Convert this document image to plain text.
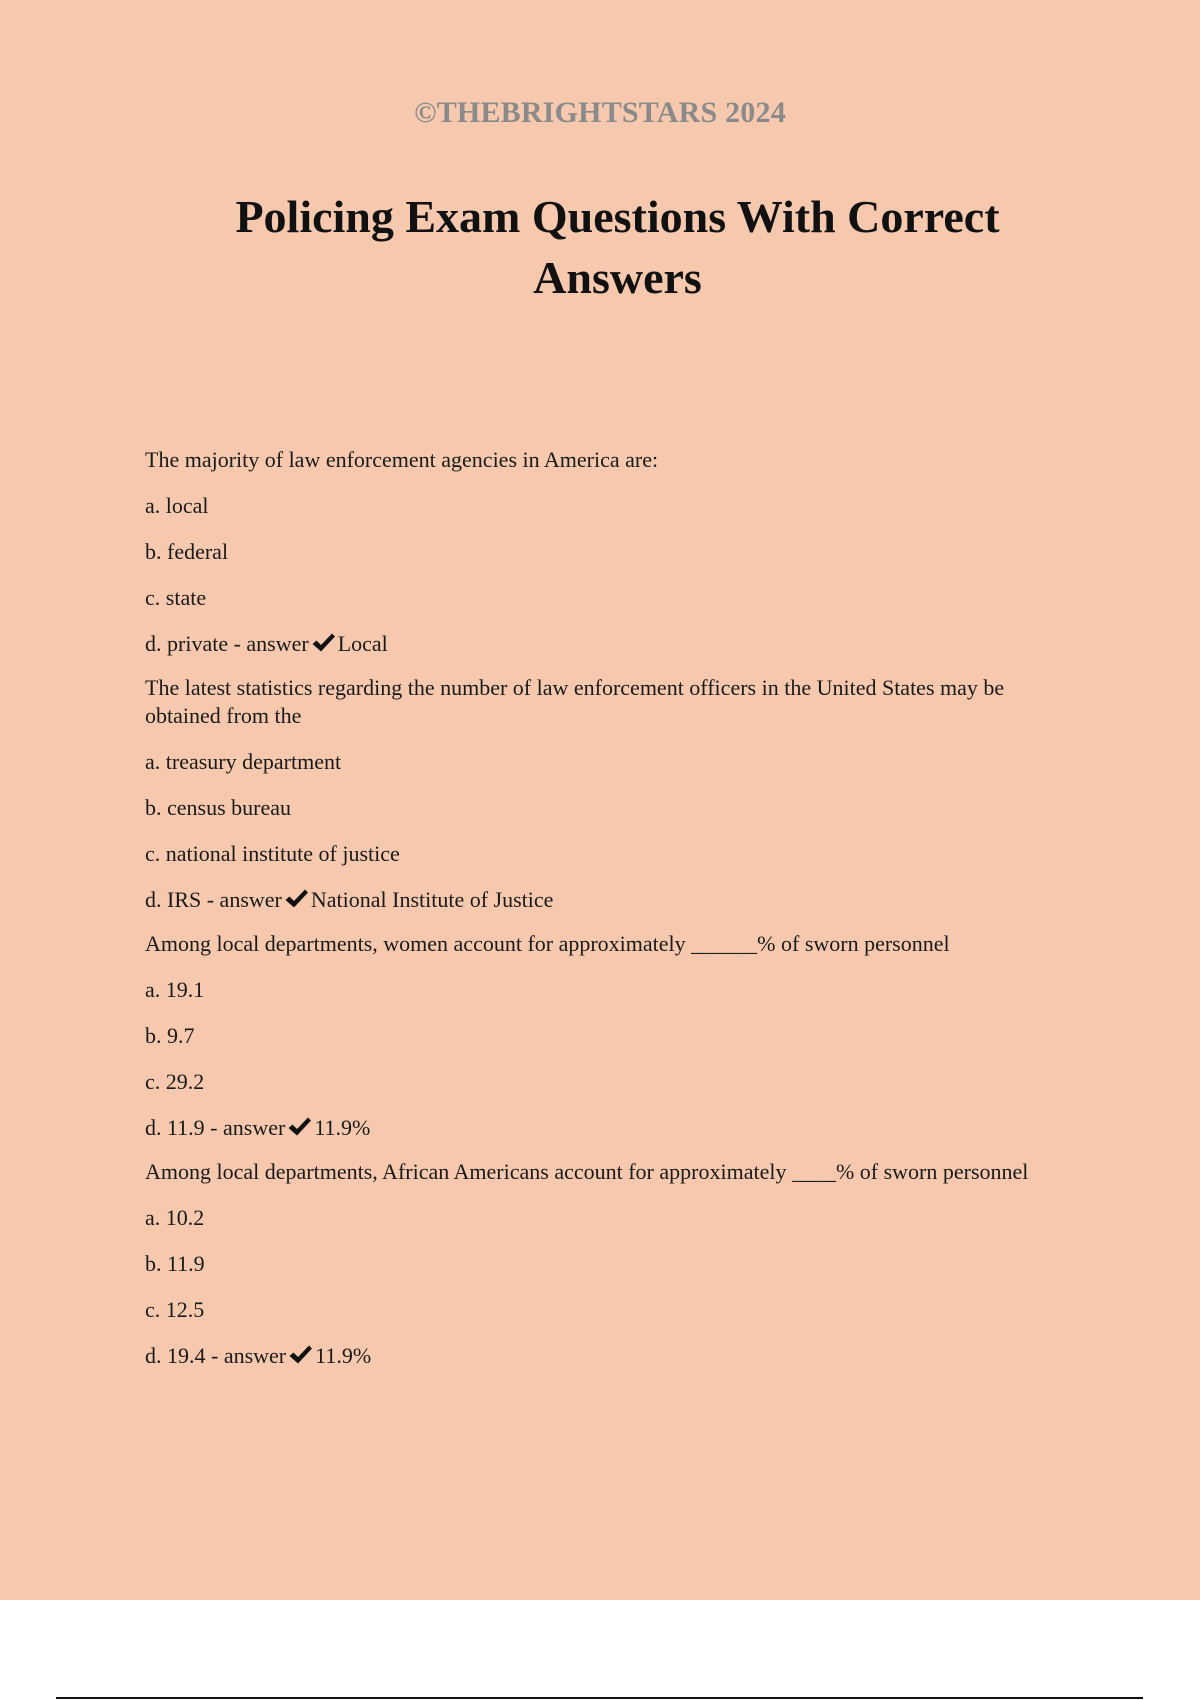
©THEBRIGHTSTARS 2024
Policing Exam Questions With Correct Answers

The majority of law enforcement agencies in America are:

a. local

b. federal

c. state

d. private - answer Local

The latest statistics regarding the number of law enforcement officers in the United States may be obtained from the

a. treasury department

b. census bureau

c. national institute of justice

d. IRS - answer National Institute of Justice

Among local departments, women account for approximately ______% of sworn personnel

a. 19.1

b. 9.7

c. 29.2

d. 11.9 - answer 11.9%

Among local departments, African Americans account for approximately ____% of sworn personnel

a. 10.2

b. 11.9

c. 12.5

d. 19.4 - answer 11.9%
